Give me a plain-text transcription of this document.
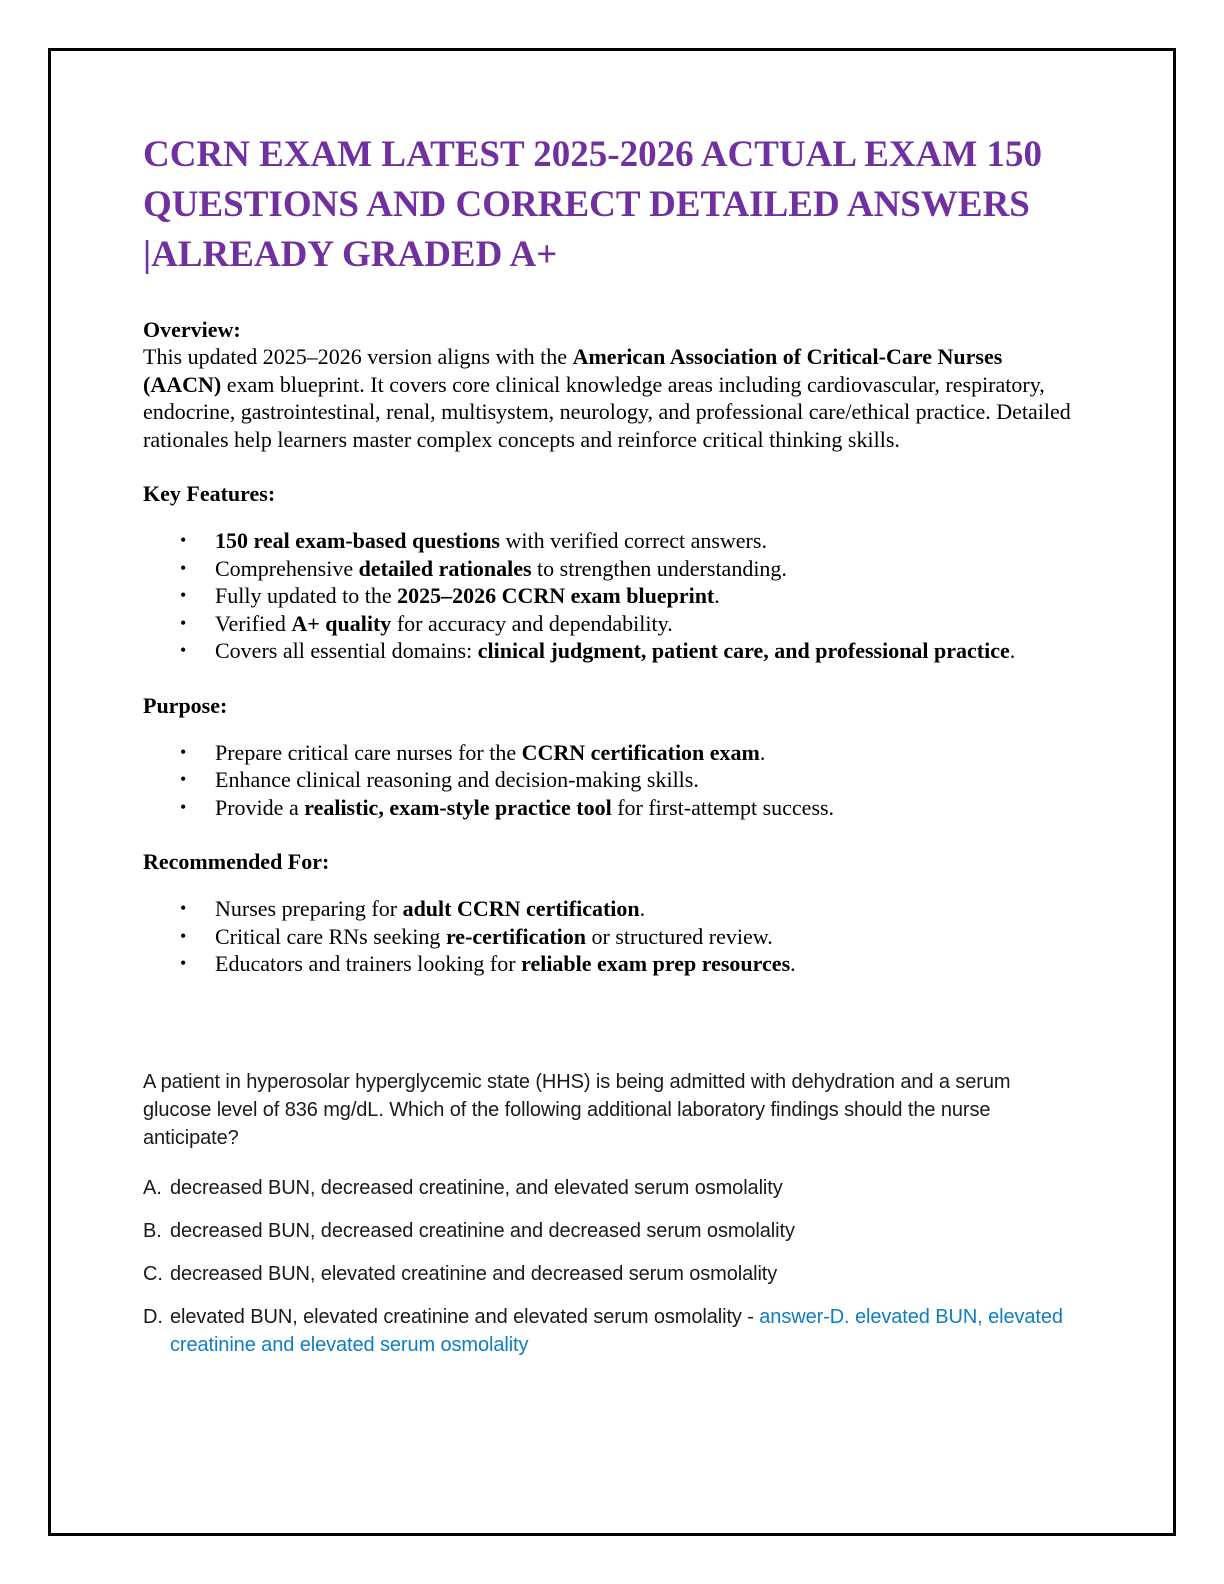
CCRN EXAM LATEST 2025-2026 ACTUAL EXAM 150
QUESTIONS AND CORRECT DETAILED ANSWERS
|ALREADY GRADED A+
Overview:
This updated 2025–2026 version aligns with the American Association of Critical-Care Nurses (AACN) exam blueprint. It covers core clinical knowledge areas including cardiovascular, respiratory, endocrine, gastrointestinal, renal, multisystem, neurology, and professional care/ethical practice. Detailed rationales help learners master complex concepts and reinforce critical thinking skills.
Key Features:
•	150 real exam-based questions with verified correct answers.
•	Comprehensive detailed rationales to strengthen understanding.
•	Fully updated to the 2025–2026 CCRN exam blueprint.
•	Verified A+ quality for accuracy and dependability.
•	Covers all essential domains: clinical judgment, patient care, and professional practice.
Purpose:
•	Prepare critical care nurses for the CCRN certification exam.
•	Enhance clinical reasoning and decision-making skills.
•	Provide a realistic, exam-style practice tool for first-attempt success.
Recommended For:
•	Nurses preparing for adult CCRN certification.
•	Critical care RNs seeking re-certification or structured review.
•	Educators and trainers looking for reliable exam prep resources.
A patient in hyperosolar hyperglycemic state (HHS) is being admitted with dehydration and a serum glucose level of 836 mg/dL. Which of the following additional laboratory findings should the nurse anticipate?
A. decreased BUN, decreased creatinine, and elevated serum osmolality
B. decreased BUN, decreased creatinine and decreased serum osmolality
C. decreased BUN, elevated creatinine and decreased serum osmolality
D. elevated BUN, elevated creatinine and elevated serum osmolality - answer-D. elevated BUN, elevated creatinine and elevated serum osmolality
